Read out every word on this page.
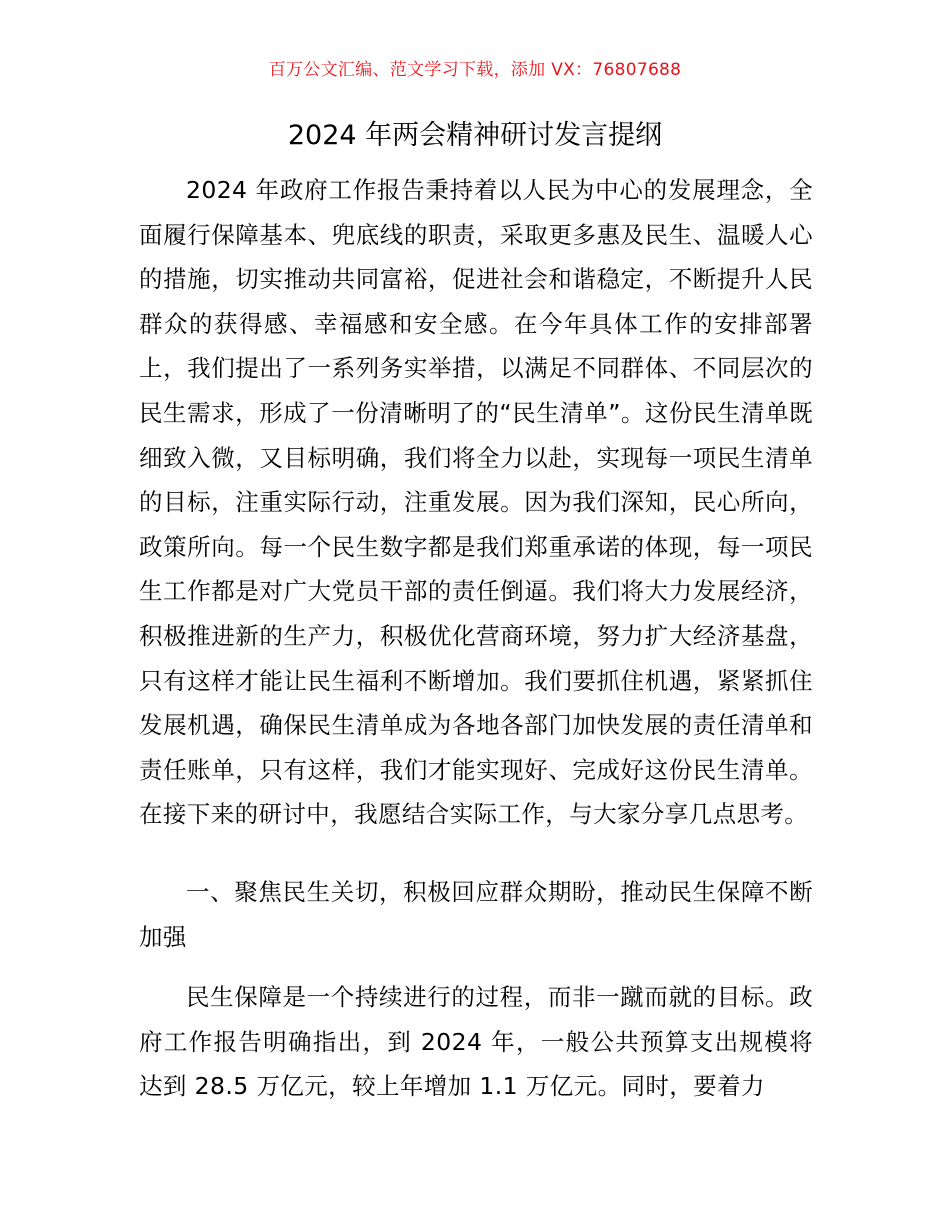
百万公文汇编、范文学习下载，添加 VX：76807688
2024 年两会精神研讨发言提纲

2024 年政府工作报告秉持着以人民为中心的发展理念，全面履行保障基本、兜底线的职责，采取更多惠及民生、温暖人心的措施，切实推动共同富裕，促进社会和谐稳定，不断提升人民群众的获得感、幸福感和安全感。在今年具体工作的安排部署上，我们提出了一系列务实举措，以满足不同群体、不同层次的民生需求，形成了一份清晰明了的“民生清单”。这份民生清单既细致入微，又目标明确，我们将全力以赴，实现每一项民生清单的目标，注重实际行动，注重发展。因为我们深知，民心所向，政策所向。每一个民生数字都是我们郑重承诺的体现，每一项民生工作都是对广大党员干部的责任倒逼。我们将大力发展经济，积极推进新的生产力，积极优化营商环境，努力扩大经济基盘，只有这样才能让民生福利不断增加。我们要抓住机遇，紧紧抓住发展机遇，确保民生清单成为各地各部门加快发展的责任清单和责任账单，只有这样，我们才能实现好、完成好这份民生清单。在接下来的研讨中，我愿结合实际工作，与大家分享几点思考。

一、聚焦民生关切，积极回应群众期盼，推动民生保障不断加强

民生保障是一个持续进行的过程，而非一蹴而就的目标。政府工作报告明确指出，到 2024 年，一般公共预算支出规模将达到 28.5 万亿元，较上年增加 1.1 万亿元。同时，要着力
